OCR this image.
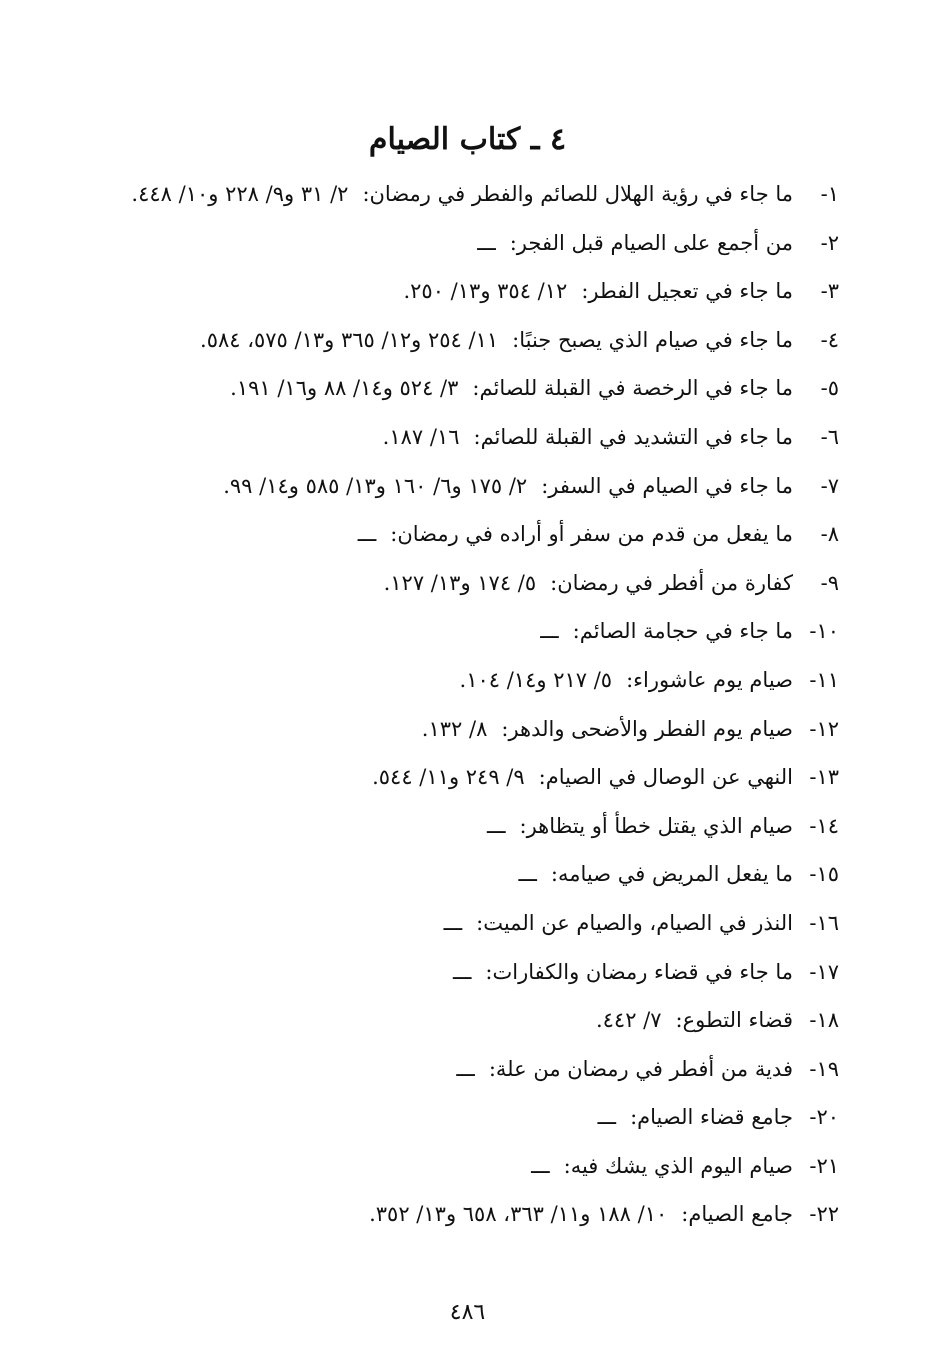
٤ ـ كتاب الصيام
١-
ما جاء في رؤية الهلال للصائم والفطر في رمضان:
٢/ ٣١ و٩/ ٢٢٨ و١٠/ ٤٤٨.
٢-
من أجمع على الصيام قبل الفجر:
ـــ
٣-
ما جاء في تعجيل الفطر:
١٢/ ٣٥٤ و١٣/ ٢٥٠.
٤-
ما جاء في صيام الذي يصبح جنبًا:
١١/ ٢٥٤ و١٢/ ٣٦٥ و١٣/ ٥٧٥، ٥٨٤.
٥-
ما جاء في الرخصة في القبلة للصائم:
٣/ ٥٢٤ و١٤/ ٨٨ و١٦/ ١٩١.
٦-
ما جاء في التشديد في القبلة للصائم:
١٦/ ١٨٧.
٧-
ما جاء في الصيام في السفر:
٢/ ١٧٥ و٦/ ١٦٠ و١٣/ ٥٨٥ و١٤/ ٩٩.
٨-
ما يفعل من قدم من سفر أو أراده في رمضان:
ـــ
٩-
كفارة من أفطر في رمضان:
٥/ ١٧٤ و١٣/ ١٢٧.
١٠-
ما جاء في حجامة الصائم:
ـــ
١١-
صيام يوم عاشوراء:
٥/ ٢١٧ و١٤/ ١٠٤.
١٢-
صيام يوم الفطر والأضحى والدهر:
٨/ ١٣٢.
١٣-
النهي عن الوصال في الصيام:
٩/ ٢٤٩ و١١/ ٥٤٤.
١٤-
صيام الذي يقتل خطأ أو يتظاهر:
ـــ
١٥-
ما يفعل المريض في صيامه:
ـــ
١٦-
النذر في الصيام، والصيام عن الميت:
ـــ
١٧-
ما جاء في قضاء رمضان والكفارات:
ـــ
١٨-
قضاء التطوع:
٧/ ٤٤٢.
١٩-
فدية من أفطر في رمضان من علة:
ـــ
٢٠-
جامع قضاء الصيام:
ـــ
٢١-
صيام اليوم الذي يشك فيه:
ـــ
٢٢-
جامع الصيام:
١٠/ ١٨٨ و١١/ ٣٦٣، ٦٥٨ و١٣/ ٣٥٢.
٤٨٦
